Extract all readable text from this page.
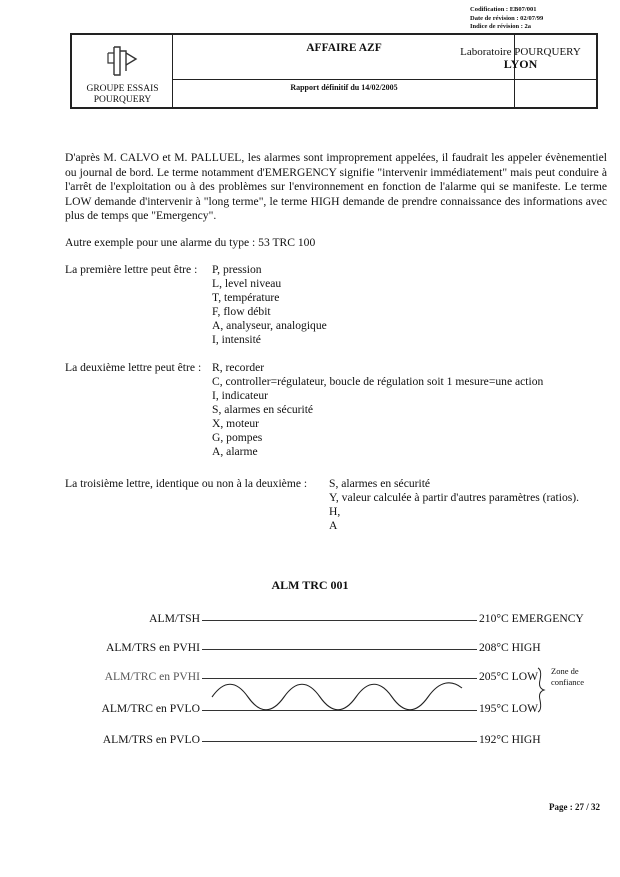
GROUPE ESSAIS
POURQUERY
AFFAIRE AZF
Rapport définitif du 14/02/2005
Codification : EB07/001
Date de révision : 02/07/99
Indice de révision : 2a
Laboratoire POURQUERY
LYON
D'après M. CALVO et M. PALLUEL, les alarmes sont improprement appelées, il faudrait les appeler évènementiel ou journal de bord. Le terme notamment d'EMERGENCY signifie "intervenir immédiatement" mais peut conduire à l'arrêt de l'exploitation ou à des problèmes sur l'environnement en fonction de l'alarme qui se manifeste. Le terme LOW demande d'intervenir à "long terme", le terme HIGH demande de prendre connaissance des informations avec plus de temps que "Emergency".
Autre exemple pour une alarme du type : 53 TRC 100
La première lettre peut être : P, pression
L, level niveau
T, température
F, flow débit
A, analyseur, analogique
I, intensité
La deuxième lettre peut être : R, recorder
C, controller=régulateur, boucle de régulation soit 1 mesure=une action
I, indicateur
S, alarmes en sécurité
X, moteur
G, pompes
A, alarme
La troisième lettre, identique ou non à la deuxième : S, alarmes en sécurité
Y, valeur calculée à partir d'autres paramètres (ratios).
H,
A
ALM TRC 001
ALM/TSH	210°C EMERGENCY
ALM/TRS en PVHI	208°C HIGH
ALM/TRC en PVHI	205°C LOW
ALM/TRC en PVLO	195°C LOW
ALM/TRS en PVLO	192°C HIGH
Zone de
confiance
Page : 27 / 32
